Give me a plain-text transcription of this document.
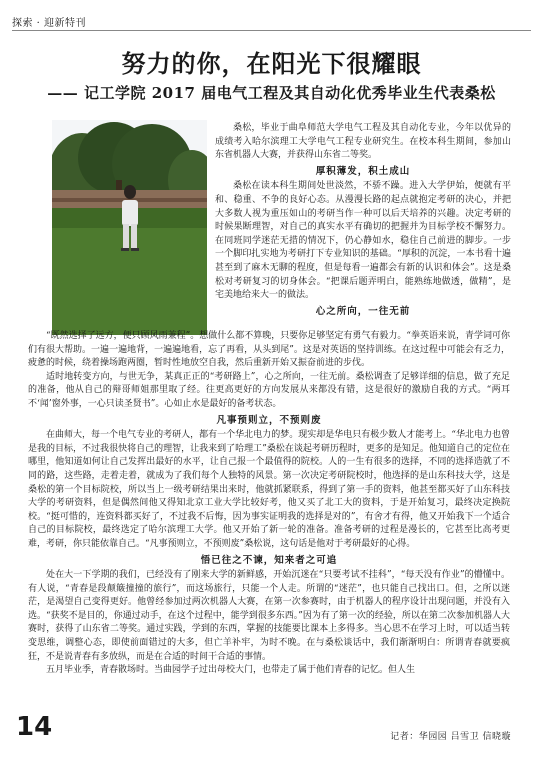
探索 · 迎新特刊
努力的你，在阳光下很耀眼
—— 记工学院 2017 届电气工程及其自动化优秀毕业生代表桑松

桑松，毕业于曲阜师范大学电气工程及其自动化专业，今年以优异的成绩考入哈尔滨理工大学电气工程专业研究生。在校本科生期间，参加山东省机器人大赛，并获得山东省二等奖。

厚积薄发，积土成山

桑松在读本科生期间处世淡然，不骄不躁。进入大学伊始，便就有平和、稳重、不争的良好心态。从漫漫长路的起点就抱定考研的决心，并把大多数人视为重压如山的考研当作一种可以后天培养的兴趣。决定考研的时候果断理智，对自己的真实水平有确切的把握并为目标学校不懈努力。在同班同学迷茫无措的情况下，仍心静如水，稳住自己前进的脚步。一步一个脚印扎实地为考研打下专业知识的基础。“厚积的沉淀，一本书看十遍甚至到了麻木无聊的程度，但是每看一遍都会有新的认识和体会”。这是桑松对考研复习的切身体会。“把课后题弄明白，能熟练地做透，做精”，是宅美地给来大一的做法。

心之所向，一往无前

“既然选择了远方，便只顾风雨兼程”。想做什么都不算晚，只要你足够坚定有勇气有毅力。“拳英语来说，青学词可你们有很大帮助。一遍一遍地背，一遍遍地看，忘了再看，从头到尾”。这是对英语的坚持训练。在这过程中可能会有乏力，疲惫的时候，绕着操场跑两圈，暂时性地放空自我，然后重新开始又振奋前进的步伐。

适时地转变方向，与世无争，某真正正的“考研路上”，心之所向，一往无前。桑松调查了足够详细的信息，做了充足的准备，他从自己的辩哥师姐那里取了经。往更高更好的方向发展从来都没有错，这是很好的激励自我的方式。“两耳不‘闻’窗外事，一心只读圣贤书”。心如止水是最好的备考状态。

凡事预则立，不预则废

在曲师大，每一个电气专业的考研人，都有一个华北电力的梦。现实却是华电只有极少数人才能考上。“华北电力也曾是我的目标，不过我很快将自己的理智，让我来到了哈理工”桑松在谈起考研历程时，更多的是知足。他知道自己的定位在哪里，他知道如何让自己发挥出最好的水平，让自己报一个最值得的院校。人的一生有很多的选择，不同的选择造就了不同的路，这些路，走着走着，就成为了我们每个人独特的风景。第一次决定考研院校时，他选择的是山东科技大学，这是桑松的第一个目标院校，所以当上一级考研结果出来时，他就抓紧联系，得到了第一手的资料，他甚至都买好了山东科技大学的考研资料，但是偶然间他又得知北京工业大学比较好考，他又买了北工大的资料，于是开始复习，最终决定换院校。“挺可惜的，连资料都买好了，不过我不后悔，因为事实证明我的选择是对的”，有舍才有得，他又开始我下一个适合自己的目标院校，最终选定了哈尔滨理工大学。他又开始了新一轮的准备。准备考研的过程是漫长的，它甚至比高考更难，考研，你只能依靠自己。“凡事预则立，不预则废”桑松说，这句话是他对于考研最好的心得。

悟已往之不谏，知来者之可追

处在大一下学期的我们，已经没有了刚来大学的新鲜感，开始沉迷在“只要考试不挂科”，“每天没有作业”的懵懂中。有人说，“青春是段颠簸撞撞的旅行”，而这场旅行，只能一个人走。所谓的“迷茫”，也只能自己找出口。但，之所以迷茫，是渴望自己变得更好。他曾经参加过两次机器人大赛，在第一次参赛时，由于机器人的程序设计出现问题，并没有入选。“获奖不是目的，你通过动手，在这个过程中，能学到很多东西。”因为有了第一次的经验，所以在第二次参加机器人大赛时，获得了山东省二等奖。通过实践，学到的东西，掌握的技能要比课本上多得多。当心思不在学习上时，可以适当转变思维，调整心态，即使前面错过的大多，但亡羊补牢，为时不晚。在与桑松谈话中，我们渐渐明白：所谓青春就要疯狂，不是说青春有多放纵，而是在合适的时间干合适的事情。

五月毕业季，青春散场时。当曲园学子过出母校大门，也带走了属于他们青春的记忆。但人生

14	记者：华园园 吕雪卫 信晓璇
